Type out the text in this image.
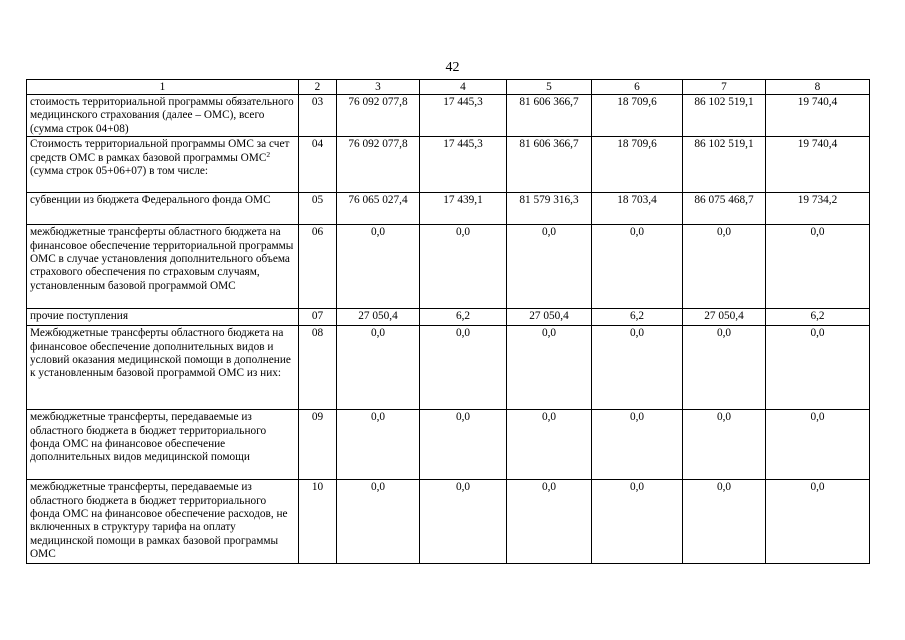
42
1	2	3	4	5	6	7	8
стоимость территориальной программы обязательного медицинского страхования (далее – ОМС), всего (сумма строк 04+08)	03	76 092 077,8	17 445,3	81 606 366,7	18 709,6	86 102 519,1	19 740,4
Стоимость территориальной программы ОМС за счет средств ОМС в рамках базовой программы ОМС$^2$ (сумма строк 05+06+07) в том числе:	04	76 092 077,8	17 445,3	81 606 366,7	18 709,6	86 102 519,1	19 740,4
субвенции из бюджета Федерального фонда ОМС	05	76 065 027,4	17 439,1	81 579 316,3	18 703,4	86 075 468,7	19 734,2
межбюджетные трансферты областного бюджета на финансовое обеспечение территориальной программы ОМС в случае установления дополнительного объема страхового обеспечения по страховым случаям, установленным базовой программой ОМС	06	0,0	0,0	0,0	0,0	0,0	0,0
прочие поступления	07	27 050,4	6,2	27 050,4	6,2	27 050,4	6,2
Межбюджетные трансферты областного бюджета на финансовое обеспечение дополнительных видов и условий оказания медицинской помощи в дополнение к установленным базовой программой ОМС из них:	08	0,0	0,0	0,0	0,0	0,0	0,0
межбюджетные трансферты, передаваемые из областного бюджета в бюджет территориального фонда ОМС на финансовое обеспечение дополнительных видов медицинской помощи	09	0,0	0,0	0,0	0,0	0,0	0,0
межбюджетные трансферты, передаваемые из областного бюджета в бюджет территориального фонда ОМС на финансовое обеспечение расходов, не включенных в структуру тарифа на оплату медицинской помощи в рамках базовой программы ОМС	10	0,0	0,0	0,0	0,0	0,0	0,0
